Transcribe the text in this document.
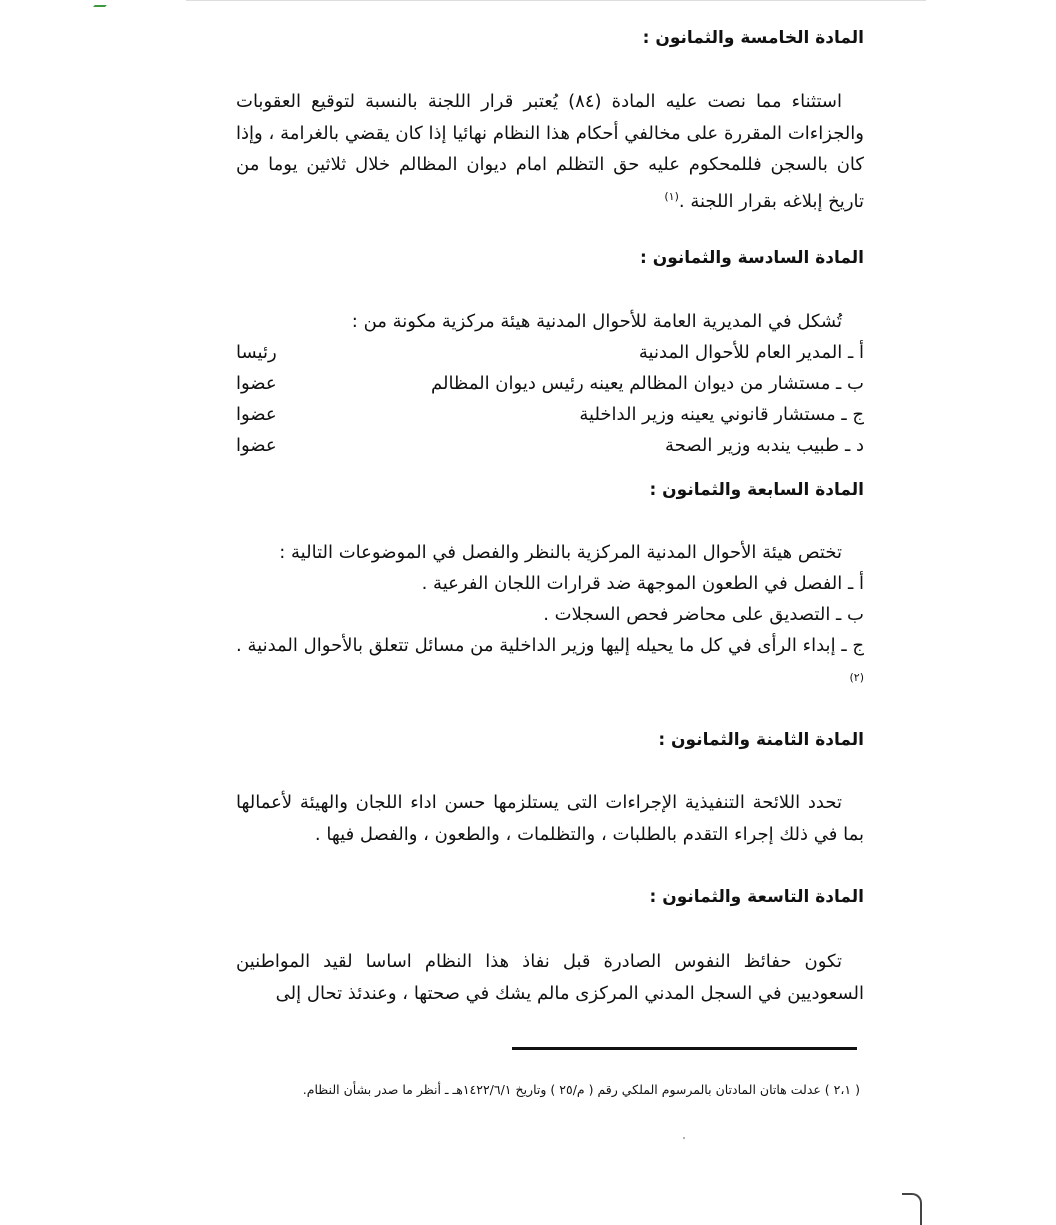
المادة الخامسة والثمانون :
استثناء مما نصت عليه المادة (٨٤) يُعتبر قرار اللجنة بالنسبة لتوقيع العقوبات والجزاءات المقررة على مخالفي أحكام هذا النظام نهائيا إذا كان يقضي بالغرامة ، وإذا كان بالسجن فللمحكوم عليه حق التظلم امام ديوان المظالم خلال ثلاثين يوما من تاريخ إبلاغه بقرار اللجنة .$^{(١)}$
المادة السادسة والثمانون :
تُشكل في المديرية العامة للأحوال المدنية هيئة مركزية مكونة من :
أ ـ المدير العام للأحوال المدنية
رئيسا
ب ـ مستشار من ديوان المظالم يعينه رئيس ديوان المظالم
عضوا
ج ـ مستشار قانوني يعينه وزير الداخلية
عضوا
د ـ طبيب يندبه وزير الصحة
عضوا
المادة السابعة والثمانون :
تختص هيئة الأحوال المدنية المركزية بالنظر والفصل في الموضوعات التالية :
أ ـ الفصل في الطعون الموجهة ضد قرارات اللجان الفرعية .
ب ـ التصديق على محاضر فحص السجلات .
ج ـ إبداء الرأى في كل ما يحيله إليها وزير الداخلية من مسائل تتعلق بالأحوال المدنية .$^{(٢)}$
المادة الثامنة والثمانون :
تحدد اللائحة التنفيذية الإجراءات التى يستلزمها حسن اداء اللجان والهيئة لأعمالها بما في ذلك إجراء التقدم بالطلبات ، والتظلمات ، والطعون ، والفصل فيها .
المادة التاسعة والثمانون :
تكون حفائظ النفوس الصادرة قبل نفاذ هذا النظام اساسا لقيد المواطنين السعوديين في السجل المدني المركزى مالم يشك في صحتها ، وعندئذ تحال إلى
( ٢،١ ) عدلت هاتان المادتان بالمرسوم الملكي رقم ( م/٢٥ ) وتاريخ ١٤٢٢/٦/١هـ ـ أنظر ما صدر بشأن النظام.
